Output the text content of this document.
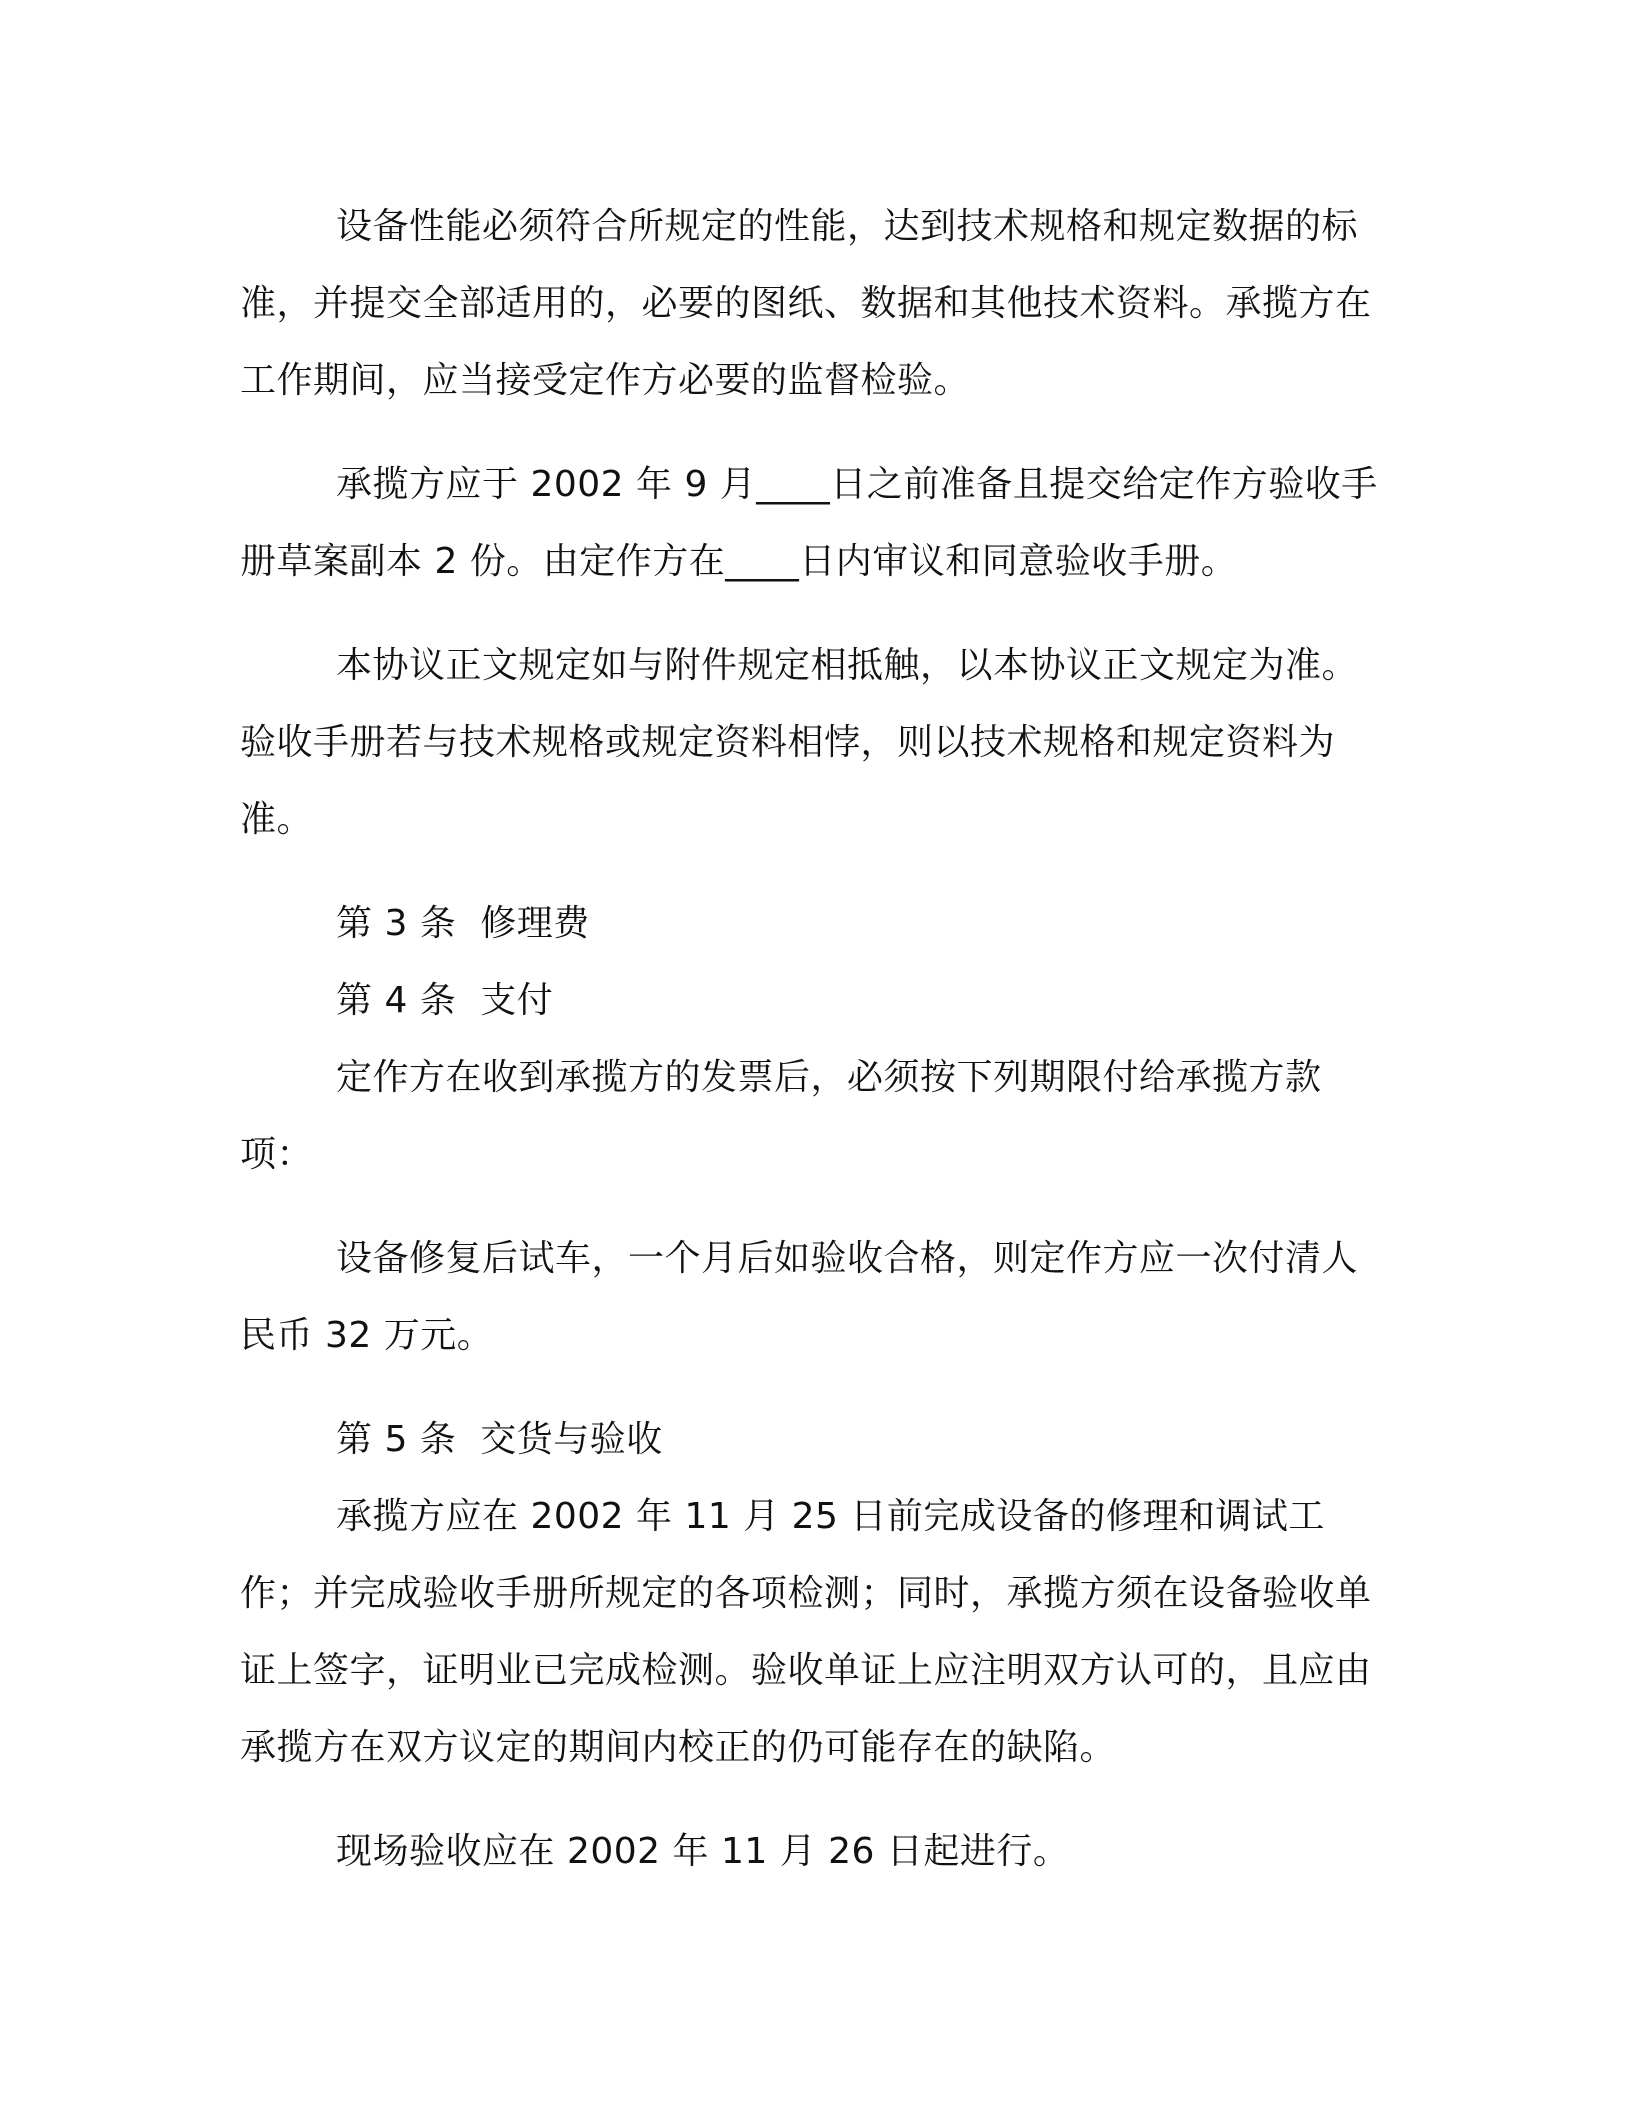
设备性能必须符合所规定的性能，达到技术规格和规定数据的标准，并提交全部适用的，必要的图纸、数据和其他技术资料。承揽方在工作期间，应当接受定作方必要的监督检验。

承揽方应于 2002 年 9 月____日之前准备且提交给定作方验收手册草案副本 2 份。由定作方在____日内审议和同意验收手册。

本协议正文规定如与附件规定相抵触，以本协议正文规定为准。验收手册若与技术规格或规定资料相悖，则以技术规格和规定资料为准。

第 3 条 修理费

第 4 条 支付

定作方在收到承揽方的发票后，必须按下列期限付给承揽方款项：

设备修复后试车，一个月后如验收合格，则定作方应一次付清人民币 32 万元。

第 5 条 交货与验收

承揽方应在 2002 年 11 月 25 日前完成设备的修理和调试工作；并完成验收手册所规定的各项检测；同时，承揽方须在设备验收单证上签字，证明业已完成检测。验收单证上应注明双方认可的，且应由承揽方在双方议定的期间内校正的仍可能存在的缺陷。

现场验收应在 2002 年 11 月 26 日起进行。
